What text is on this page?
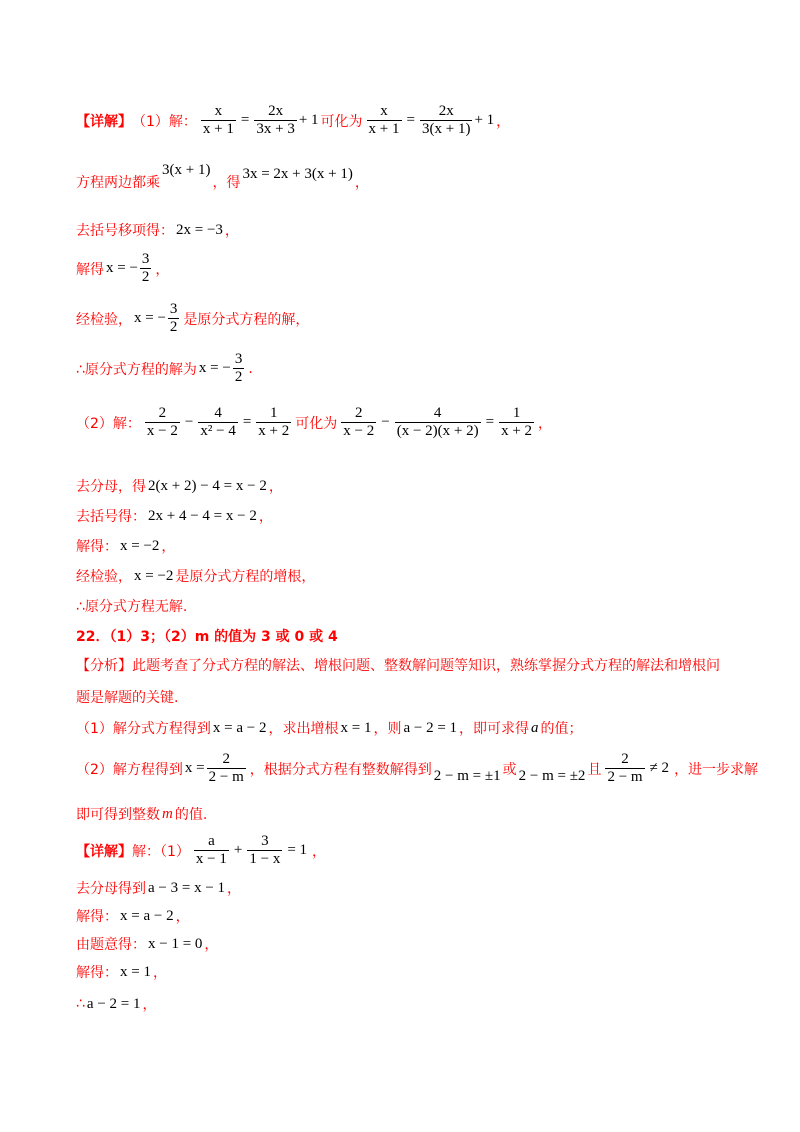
【详解】 （1）解： $\frac{x}{x + 1} = \frac{2x}{3x + 3} + 1$ 可化为 $\frac{x}{x + 1} = \frac{2x}{3(x + 1)} + 1$ ，
方程两边都乘
3(x + 1)
，得
3x = 2x + 3(x + 1)
，
去括号移项得： 2x = −3 ，
解得 x = − $\frac{3}{2}$ ，
经检验， x = − $\frac{3}{2}$ 是原分式方程的解，
∴原分式方程的解为 x = − $\frac{3}{2}$ .
（2）解： $\frac{2}{x - 2} - \frac{4}{\text{x² − 4}} = \frac{1}{x + 2}$ 可化为 $\frac{2}{x - 2} - \frac{4}{(x - 2)(x + 2)} = \frac{1}{x + 2}$ ，
去分母，得 2(x + 2) − 4 = x − 2 ，
去括号得： 2x + 4 − 4 = x − 2 ，
解得： x = −2 ，
经检验， x = −2 是原分式方程的增根，
∴原分式方程无解.
22．（1）3；（2）m 的值为 3 或 0 或 4
【分析】此题考查了分式方程的解法、增根问题、整数解问题等知识，熟练掌握分式方程的解法和增根问题是解题的关键.
（1）解分式方程得到 x = a − 2 ，求出增根 x = 1 ，则 a − 2 = 1 ，即可求得 a 的值；
（2）解方程得到 $x = \frac{2}{2 - m}$ ，根据分式方程有整数解得到 2 − m = ±1 或 2 − m = ±2 且 $\frac{2}{2 - m} \ne 2$ ，进一步求解
即可得到整数 m 的值.
【详解】 解：$(1) \frac{a}{x - 1} + \frac{3}{1 - x} = 1$ ，
去分母得到 a − 3 = x − 1 ，
解得： x = a − 2 ，
由题意得： x − 1 = 0 ，
解得： x = 1 ，
∴ a − 2 = 1 ，
